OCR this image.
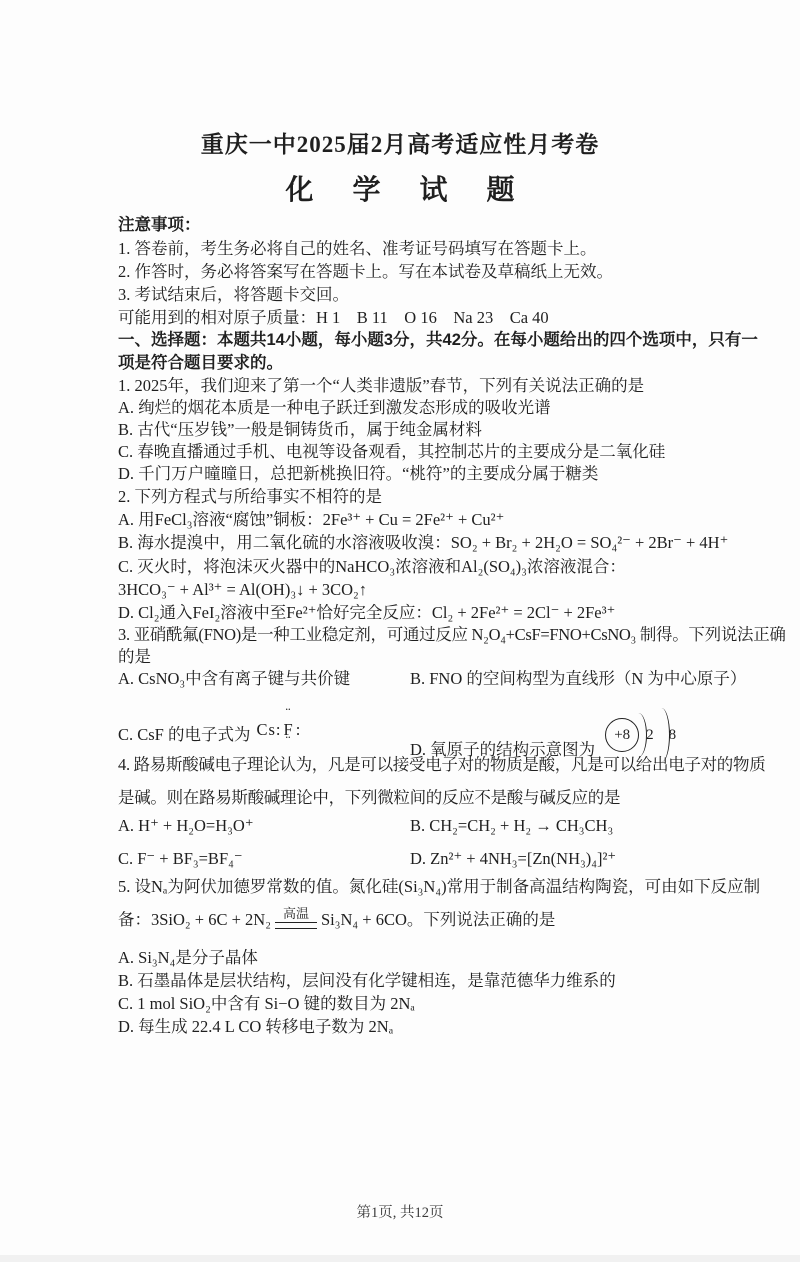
重庆一中2025届2月高考适应性月考卷
化 学 试 题

注意事项：

1. 答卷前，考生务必将自己的姓名、准考证号码填写在答题卡上。

2. 作答时，务必将答案写在答题卡上。写在本试卷及草稿纸上无效。

3. 考试结束后，将答题卡交回。

可能用到的相对原子质量：H 1　B 11　O 16　Na 23　Ca 40

一、选择题：本题共14小题，每小题3分，共42分。在每小题给出的四个选项中，只有一

项是符合题目要求的。

1. 2025年，我们迎来了第一个“人类非遗版”春节，下列有关说法正确的是

A. 绚烂的烟花本质是一种电子跃迁到激发态形成的吸收光谱

B. 古代“压岁钱”一般是铜铸货币，属于纯金属材料

C. 春晚直播通过手机、电视等设备观看，其控制芯片的主要成分是二氧化硅

D. 千门万户曈曈日，总把新桃换旧符。“桃符”的主要成分属于糖类

2. 下列方程式与所给事实不相符的是

A. 用FeCl₃溶液“腐蚀”铜板：2Fe³⁺ + Cu = 2Fe²⁺ + Cu²⁺

B. 海水提溴中，用二氧化硫的水溶液吸收溴：SO₂ + Br₂ + 2H₂O = SO₄²⁻ + 2Br⁻ + 4H⁺

C. 灭火时，将泡沫灭火器中的NaHCO₃浓溶液和Al₂(SO₄)₃浓溶液混合：

3HCO₃⁻ + Al³⁺ = Al(OH)₃↓ + 3CO₂↑

D. Cl₂通入FeI₂溶液中至Fe²⁺恰好完全反应：Cl₂ + 2Fe²⁺ = 2Cl⁻ + 2Fe³⁺

3. 亚硝酰氟(FNO)是一种工业稳定剂，可通过反应 N₂O₄+CsF=FNO+CsNO₃ 制得。下列说法正确

的是

A. CsNO₃中含有离子键与共价键	B. FNO 的空间构型为直线形（N 为中心原子）

C. CsF 的电子式为 Cs: ¨ F ¨ :

D. 氧原子的结构示意图为
+8	2 8

4. 路易斯酸碱电子理论认为，凡是可以接受电子对的物质是酸，凡是可以给出电子对的物质

是碱。则在路易斯酸碱理论中，下列微粒间的反应不是酸与碱反应的是

A. H⁺ + H₂O=H₃O⁺	B. CH₂=CH₂ + H₂ → CH₃CH₃

C. F⁻ + BF₃=BF₄⁻	D. Zn²⁺ + 4NH₃=[Zn(NH₃)₄]²⁺

5. 设Nₐ为阿伏加德罗常数的值。氮化硅(Si₃N₄)常用于制备高温结构陶瓷，可由如下反应制

备：3SiO₂ + 6C + 2N₂ 高温 Si₃N₄ + 6CO。下列说法正确的是

A. Si₃N₄是分子晶体

B. 石墨晶体是层状结构，层间没有化学键相连，是靠范德华力维系的

C. 1 mol SiO₂中含有 Si−O 键的数目为 2Nₐ

D. 每生成 22.4 L CO 转移电子数为 2Nₐ

第1页, 共12页
